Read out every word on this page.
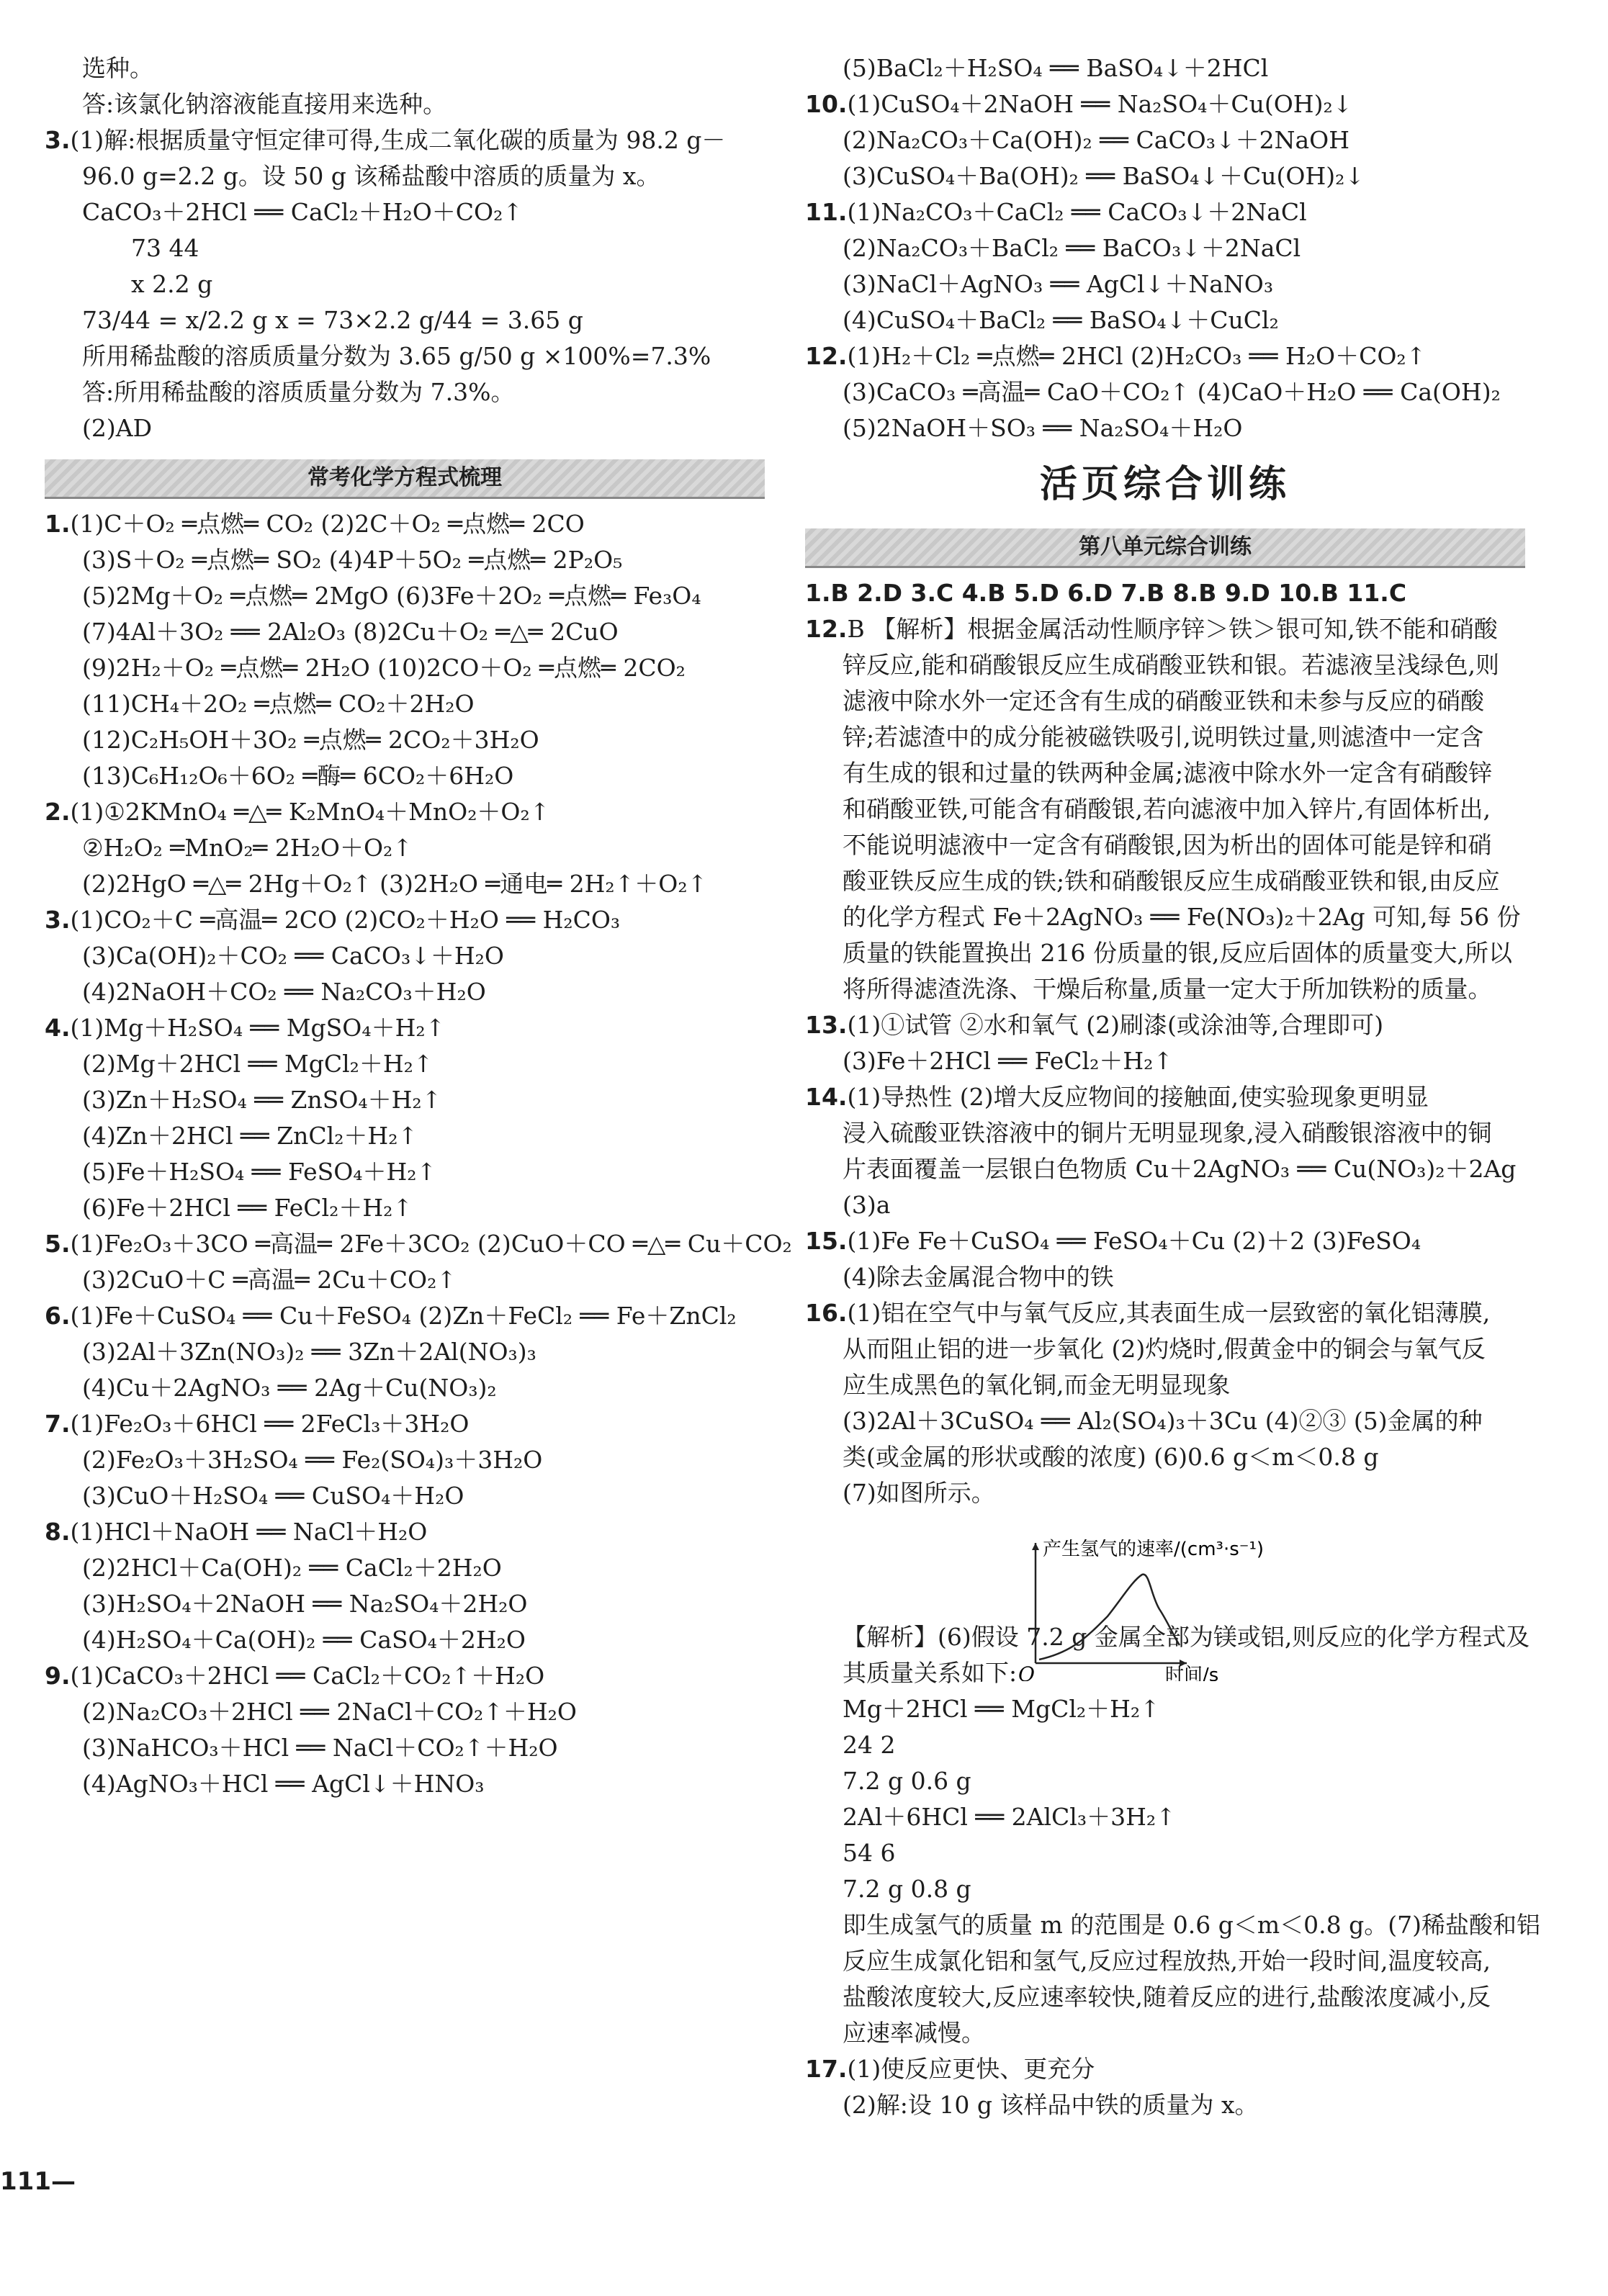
选种。
答:该氯化钠溶液能直接用来选种。
3.(1)解:根据质量守恒定律可得,生成二氧化碳的质量为 98.2 g－
96.0 g=2.2 g。设 50 g 该稀盐酸中溶质的质量为 x。
CaCO₃＋2HCl ══ CaCl₂＋H₂O＋CO₂↑
73 44
x 2.2 g
73/44 = x/2.2 g x = 73×2.2 g/44 = 3.65 g
所用稀盐酸的溶质质量分数为 3.65 g/50 g ×100%=7.3%
答:所用稀盐酸的溶质质量分数为 7.3%。
(2)AD
常考化学方程式梳理
1.(1)C＋O₂ ═点燃═ CO₂ (2)2C＋O₂ ═点燃═ 2CO
(3)S＋O₂ ═点燃═ SO₂ (4)4P＋5O₂ ═点燃═ 2P₂O₅
(5)2Mg＋O₂ ═点燃═ 2MgO (6)3Fe＋2O₂ ═点燃═ Fe₃O₄
(7)4Al＋3O₂ ══ 2Al₂O₃ (8)2Cu＋O₂ ═△═ 2CuO
(9)2H₂＋O₂ ═点燃═ 2H₂O (10)2CO＋O₂ ═点燃═ 2CO₂
(11)CH₄＋2O₂ ═点燃═ CO₂＋2H₂O
(12)C₂H₅OH＋3O₂ ═点燃═ 2CO₂＋3H₂O
(13)C₆H₁₂O₆＋6O₂ ═酶═ 6CO₂＋6H₂O
2.(1)①2KMnO₄ ═△═ K₂MnO₄＋MnO₂＋O₂↑
②H₂O₂ ═MnO₂═ 2H₂O＋O₂↑
(2)2HgO ═△═ 2Hg＋O₂↑ (3)2H₂O ═通电═ 2H₂↑＋O₂↑
3.(1)CO₂＋C ═高温═ 2CO (2)CO₂＋H₂O ══ H₂CO₃
(3)Ca(OH)₂＋CO₂ ══ CaCO₃↓＋H₂O
(4)2NaOH＋CO₂ ══ Na₂CO₃＋H₂O
4.(1)Mg＋H₂SO₄ ══ MgSO₄＋H₂↑
(2)Mg＋2HCl ══ MgCl₂＋H₂↑
(3)Zn＋H₂SO₄ ══ ZnSO₄＋H₂↑
(4)Zn＋2HCl ══ ZnCl₂＋H₂↑
(5)Fe＋H₂SO₄ ══ FeSO₄＋H₂↑
(6)Fe＋2HCl ══ FeCl₂＋H₂↑
5.(1)Fe₂O₃＋3CO ═高温═ 2Fe＋3CO₂ (2)CuO＋CO ═△═ Cu＋CO₂
(3)2CuO＋C ═高温═ 2Cu＋CO₂↑
6.(1)Fe＋CuSO₄ ══ Cu＋FeSO₄ (2)Zn＋FeCl₂ ══ Fe＋ZnCl₂
(3)2Al＋3Zn(NO₃)₂ ══ 3Zn＋2Al(NO₃)₃
(4)Cu＋2AgNO₃ ══ 2Ag＋Cu(NO₃)₂
7.(1)Fe₂O₃＋6HCl ══ 2FeCl₃＋3H₂O
(2)Fe₂O₃＋3H₂SO₄ ══ Fe₂(SO₄)₃＋3H₂O
(3)CuO＋H₂SO₄ ══ CuSO₄＋H₂O
8.(1)HCl＋NaOH ══ NaCl＋H₂O
(2)2HCl＋Ca(OH)₂ ══ CaCl₂＋2H₂O
(3)H₂SO₄＋2NaOH ══ Na₂SO₄＋2H₂O
(4)H₂SO₄＋Ca(OH)₂ ══ CaSO₄＋2H₂O
9.(1)CaCO₃＋2HCl ══ CaCl₂＋CO₂↑＋H₂O
(2)Na₂CO₃＋2HCl ══ 2NaCl＋CO₂↑＋H₂O
(3)NaHCO₃＋HCl ══ NaCl＋CO₂↑＋H₂O
(4)AgNO₃＋HCl ══ AgCl↓＋HNO₃
(5)BaCl₂＋H₂SO₄ ══ BaSO₄↓＋2HCl
10.(1)CuSO₄＋2NaOH ══ Na₂SO₄＋Cu(OH)₂↓
(2)Na₂CO₃＋Ca(OH)₂ ══ CaCO₃↓＋2NaOH
(3)CuSO₄＋Ba(OH)₂ ══ BaSO₄↓＋Cu(OH)₂↓
11.(1)Na₂CO₃＋CaCl₂ ══ CaCO₃↓＋2NaCl
(2)Na₂CO₃＋BaCl₂ ══ BaCO₃↓＋2NaCl
(3)NaCl＋AgNO₃ ══ AgCl↓＋NaNO₃
(4)CuSO₄＋BaCl₂ ══ BaSO₄↓＋CuCl₂
12.(1)H₂＋Cl₂ ═点燃═ 2HCl (2)H₂CO₃ ══ H₂O＋CO₂↑
(3)CaCO₃ ═高温═ CaO＋CO₂↑ (4)CaO＋H₂O ══ Ca(OH)₂
(5)2NaOH＋SO₃ ══ Na₂SO₄＋H₂O
活页综合训练
第八单元综合训练
1.B 2.D 3.C 4.B 5.D 6.D 7.B 8.B 9.D 10.B 11.C
12.B 【解析】根据金属活动性顺序锌＞铁＞银可知,铁不能和硝酸
锌反应,能和硝酸银反应生成硝酸亚铁和银。若滤液呈浅绿色,则
滤液中除水外一定还含有生成的硝酸亚铁和未参与反应的硝酸
锌;若滤渣中的成分能被磁铁吸引,说明铁过量,则滤渣中一定含
有生成的银和过量的铁两种金属;滤液中除水外一定含有硝酸锌
和硝酸亚铁,可能含有硝酸银,若向滤液中加入锌片,有固体析出,
不能说明滤液中一定含有硝酸银,因为析出的固体可能是锌和硝
酸亚铁反应生成的铁;铁和硝酸银反应生成硝酸亚铁和银,由反应
的化学方程式 Fe＋2AgNO₃ ══ Fe(NO₃)₂＋2Ag 可知,每 56 份
质量的铁能置换出 216 份质量的银,反应后固体的质量变大,所以
将所得滤渣洗涤、干燥后称量,质量一定大于所加铁粉的质量。
13.(1)①试管 ②水和氧气 (2)刷漆(或涂油等,合理即可)
(3)Fe＋2HCl ══ FeCl₂＋H₂↑
14.(1)导热性 (2)增大反应物间的接触面,使实验现象更明显
浸入硫酸亚铁溶液中的铜片无明显现象,浸入硝酸银溶液中的铜
片表面覆盖一层银白色物质 Cu＋2AgNO₃ ══ Cu(NO₃)₂＋2Ag
(3)a
15.(1)Fe Fe＋CuSO₄ ══ FeSO₄＋Cu (2)＋2 (3)FeSO₄
(4)除去金属混合物中的铁
16.(1)铝在空气中与氧气反应,其表面生成一层致密的氧化铝薄膜,
从而阻止铝的进一步氧化 (2)灼烧时,假黄金中的铜会与氧气反
应生成黑色的氧化铜,而金无明显现象
(3)2Al＋3CuSO₄ ══ Al₂(SO₄)₃＋3Cu (4)②③ (5)金属的种
类(或金属的形状或酸的浓度) (6)0.6 g＜m＜0.8 g
(7)如图所示。
【解析】(6)假设 7.2 g 金属全部为镁或铝,则反应的化学方程式及
其质量关系如下:
Mg＋2HCl ══ MgCl₂＋H₂↑
24 2
7.2 g 0.6 g
2Al＋6HCl ══ 2AlCl₃＋3H₂↑
54 6
7.2 g 0.8 g
即生成氢气的质量 m 的范围是 0.6 g＜m＜0.8 g。(7)稀盐酸和铝
反应生成氯化铝和氢气,反应过程放热,开始一段时间,温度较高,
盐酸浓度较大,反应速率较快,随着反应的进行,盐酸浓度减小,反
应速率减慢。
17.(1)使反应更快、更充分
(2)解:设 10 g 该样品中铁的质量为 x。
O
产生氢气的速率/(cm³·s⁻¹)
时间/s
111—
